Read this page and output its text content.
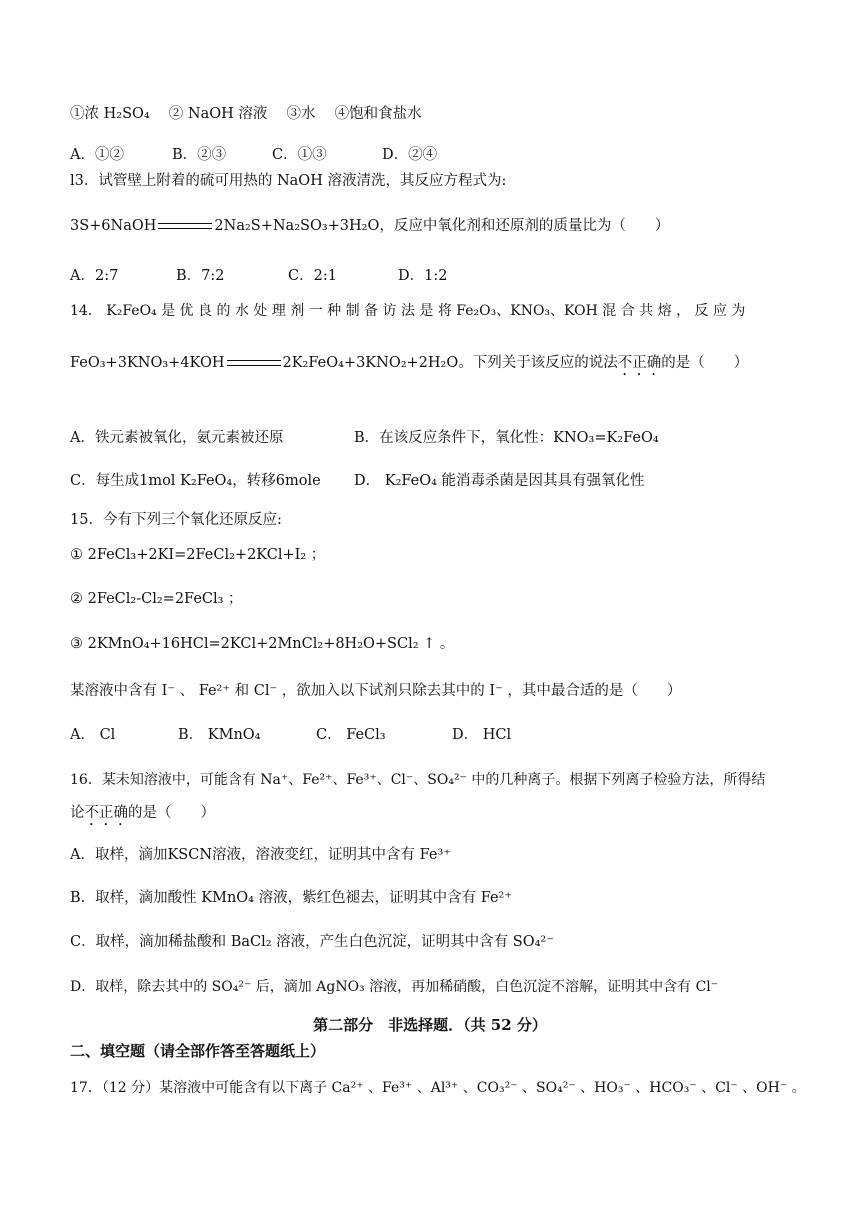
①浓 H₂SO₄　 ② NaOH 溶液　 ③水　 ④饱和食盐水
A．①②	B．②③	C．①③	D．②④
l3．试管壁上附着的硫可用热的 NaOH 溶液清洗，其反应方程式为:
3S+6NaOH	2Na₂S+Na₂SO₃+3H₂O，反应中氧化剂和还原剂的质量比为（　　）
A．2:7	B．7:2	C．2:1	D．1:2
14． K₂FeO₄ 是 优 良 的 水 处 理 剂 一 种 制 备 访 法 是 将 Fe₂O₃、KNO₃、KOH 混 合 共 熔 ， 反 应 为
FeO₃+3KNO₃+4KOH	2K₂FeO₄+3KNO₂+2H₂O。下列关于该反应的说法不正确的是（　　）
A．铁元素被氧化，氨元素被还原	B．在该反应条件下，氧化性：KNO₃=K₂FeO₄
C．每生成1mol K₂FeO₄，转移6mole D． K₂FeO₄ 能消毒杀菌是因其具有强氧化性
15．今有下列三个氧化还原反应:
① 2FeCl₃+2KI=2FeCl₂+2KCl+I₂ ；
② 2FeCl₂-Cl₂=2FeCl₃ ；
③ 2KMnO₄+16HCl=2KCl+2MnCl₂+8H₂O+SCl₂ ↑ 。
某溶液中含有 I⁻ 、 Fe²⁺ 和 Cl⁻ ，欲加入以下试剂只除去其中的 I⁻ ，其中最合适的是（　　）
A． Cl	B． KMnO₄	C． FeCl₃	D． HCl
16．某未知溶液中，可能含有 Na⁺、Fe²⁺、Fe³⁺、Cl⁻、SO₄²⁻ 中的几种离子。根据下列离子检验方法，所得结
论不正确的是（　　）
A．取样，滴加KSCN溶液，溶液变红，证明其中含有 Fe³⁺
B．取样，滴加酸性 KMnO₄ 溶液，紫红色褪去，证明其中含有 Fe²⁺
C．取样，滴加稀盐酸和 BaCl₂ 溶液，产生白色沉淀，证明其中含有 SO₄²⁻
D．取样，除去其中的 SO₄²⁻ 后，滴加 AgNO₃ 溶液，再加稀硝酸，白色沉淀不溶解，证明其中含有 Cl⁻
第二部分　非选择题．（共 52 分）
二、填空题（请全部作答至答题纸上）
17．（12 分）某溶液中可能含有以下离子 Ca²⁺ 、Fe³⁺ 、Al³⁺ 、CO₃²⁻ 、SO₄²⁻ 、HO₃⁻ 、HCO₃⁻ 、Cl⁻ 、OH⁻ 。
